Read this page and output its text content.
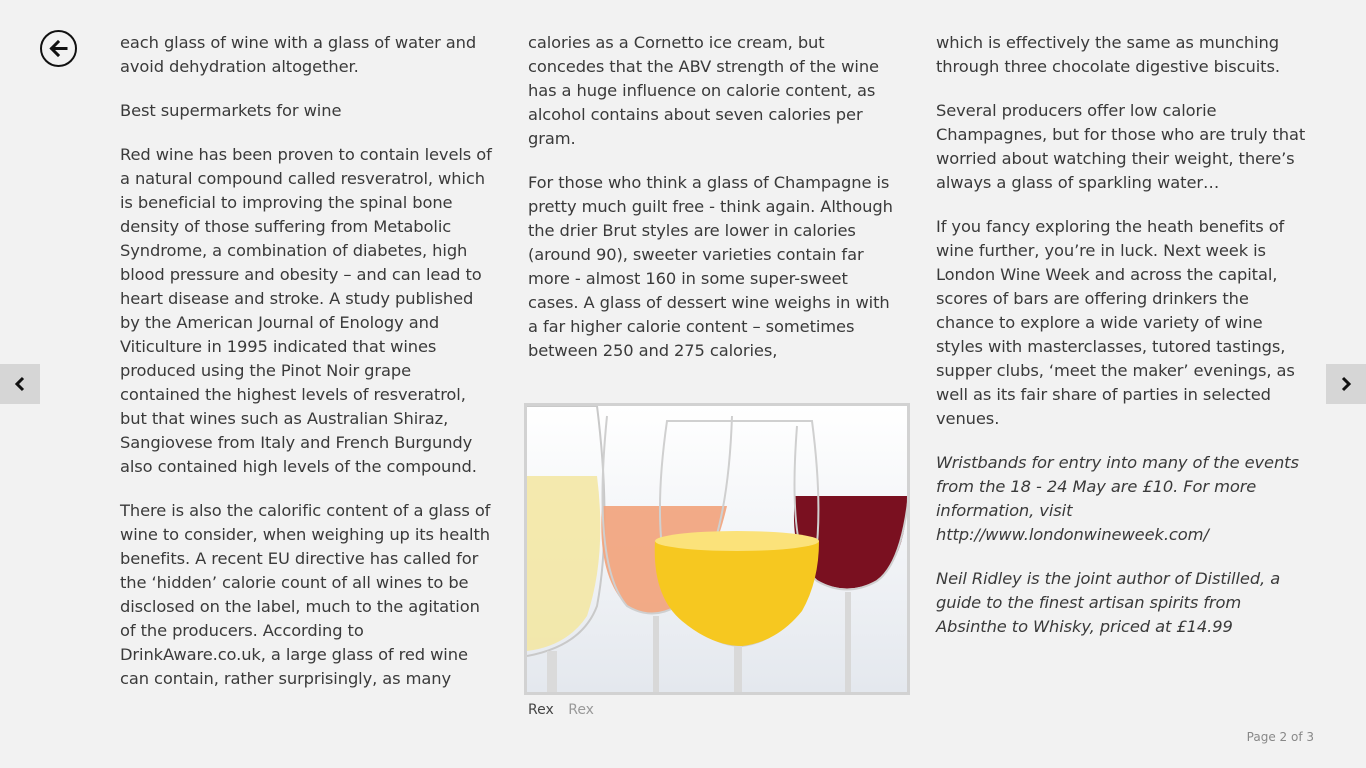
each glass of wine with a glass of water and avoid dehydration altogether.

Best supermarkets for wine

Red wine has been proven to contain levels of a natural compound called resveratrol, which is beneficial to improving the spinal bone density of those suffering from Metabolic Syndrome, a combination of diabetes, high blood pressure and obesity – and can lead to heart disease and stroke. A study published by the American Journal of Enology and Viticulture in 1995 indicated that wines produced using the Pinot Noir grape contained the highest levels of resveratrol, but that wines such as Australian Shiraz, Sangiovese from Italy and French Burgundy also contained high levels of the compound.

There is also the calorific content of a glass of wine to consider, when weighing up its health benefits. A recent EU directive has called for the ‘hidden’ calorie count of all wines to be disclosed on the label, much to the agitation of the producers. According to DrinkAware.co.uk, a large glass of red wine can contain, rather surprisingly, as many

calories as a Cornetto ice cream, but concedes that the ABV strength of the wine has a huge influence on calorie content, as alcohol contains about seven calories per gram.

For those who think a glass of Champagne is pretty much guilt free - think again. Although the drier Brut styles are lower in calories (around 90), sweeter varieties contain far more - almost 160 in some super-sweet cases. A glass of dessert wine weighs in with a far higher calorie content – sometimes between 250 and 275 calories,

Rex Rex

which is effectively the same as munching through three chocolate digestive biscuits.

Several producers offer low calorie Champagnes, but for those who are truly that worried about watching their weight, there’s always a glass of sparkling water…

If you fancy exploring the heath benefits of wine further, you’re in luck. Next week is London Wine Week and across the capital, scores of bars are offering drinkers the chance to explore a wide variety of wine styles with masterclasses, tutored tastings, supper clubs, ‘meet the maker’ evenings, as well as its fair share of parties in selected venues.

Wristbands for entry into many of the events from the 18 - 24 May are £10. For more information, visit http://www.londonwineweek.com/

Neil Ridley is the joint author of Distilled, a guide to the finest artisan spirits from Absinthe to Whisky, priced at £14.99

Page 2 of 3
